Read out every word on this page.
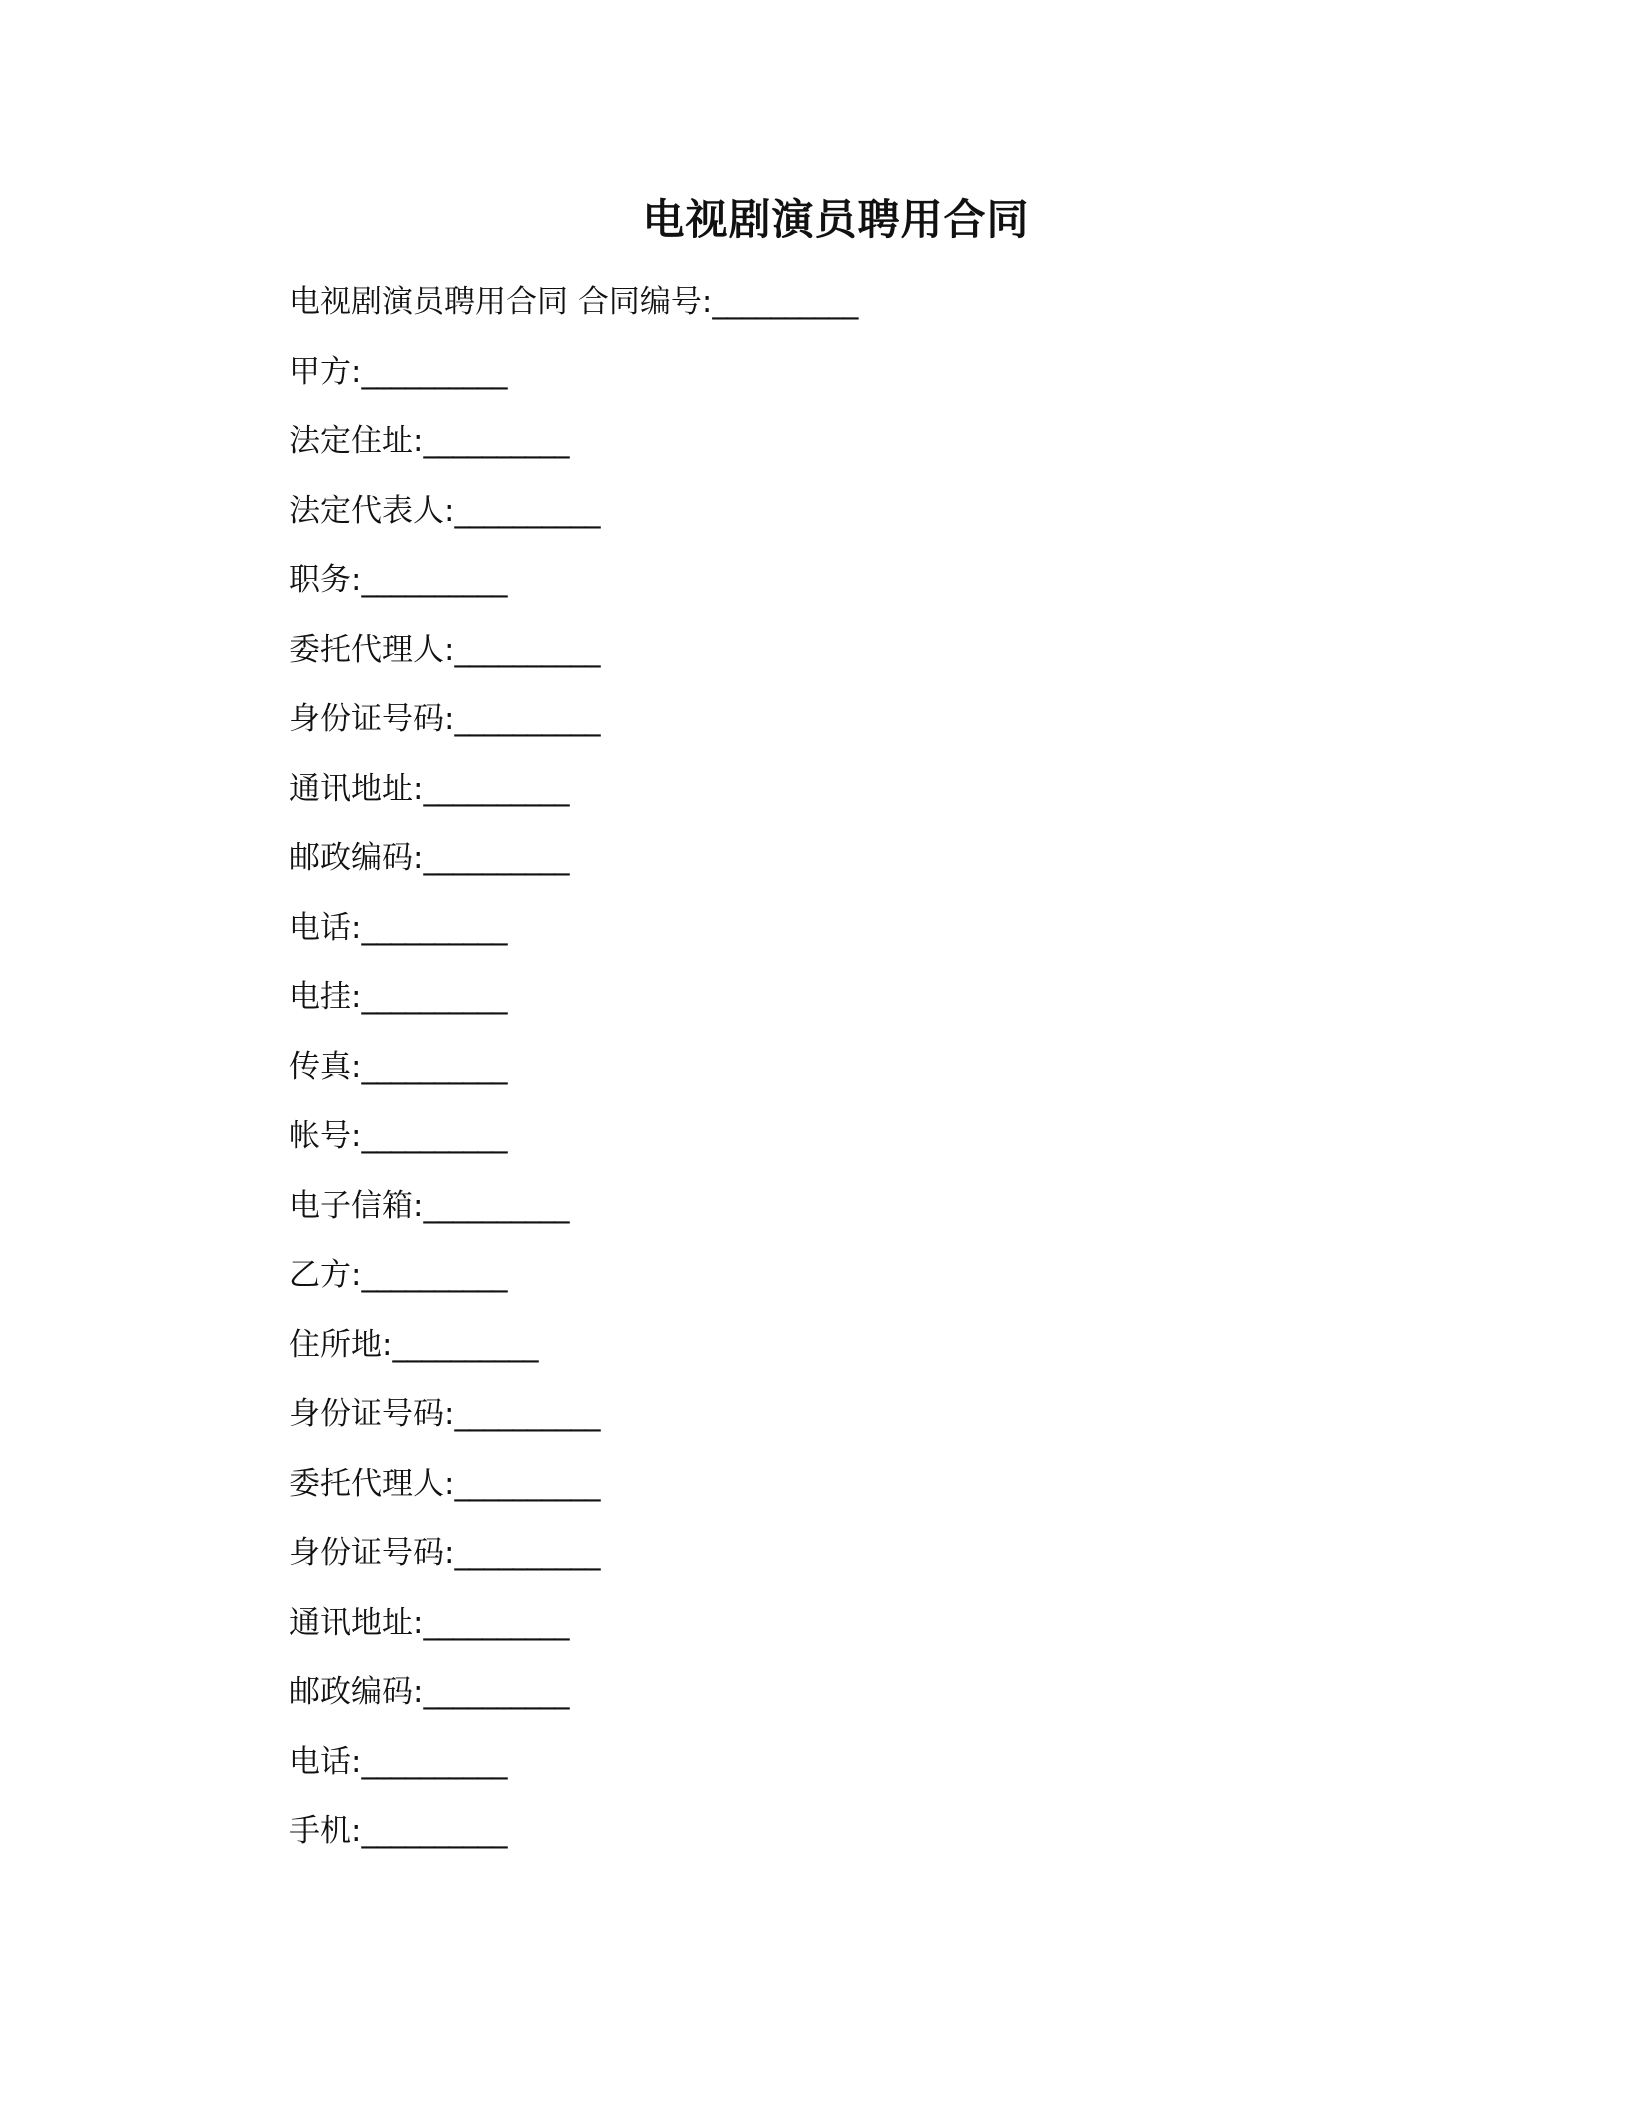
电视剧演员聘用合同
电视剧演员聘用合同 合同编号:__________
甲方:__________
法定住址:__________
法定代表人:__________
职务:__________
委托代理人:__________
身份证号码:__________
通讯地址:__________
邮政编码:__________
电话:__________
电挂:__________
传真:__________
帐号:__________
电子信箱:__________
乙方:__________
住所地:__________
身份证号码:__________
委托代理人:__________
身份证号码:__________
通讯地址:__________
邮政编码:__________
电话:__________
手机:__________
